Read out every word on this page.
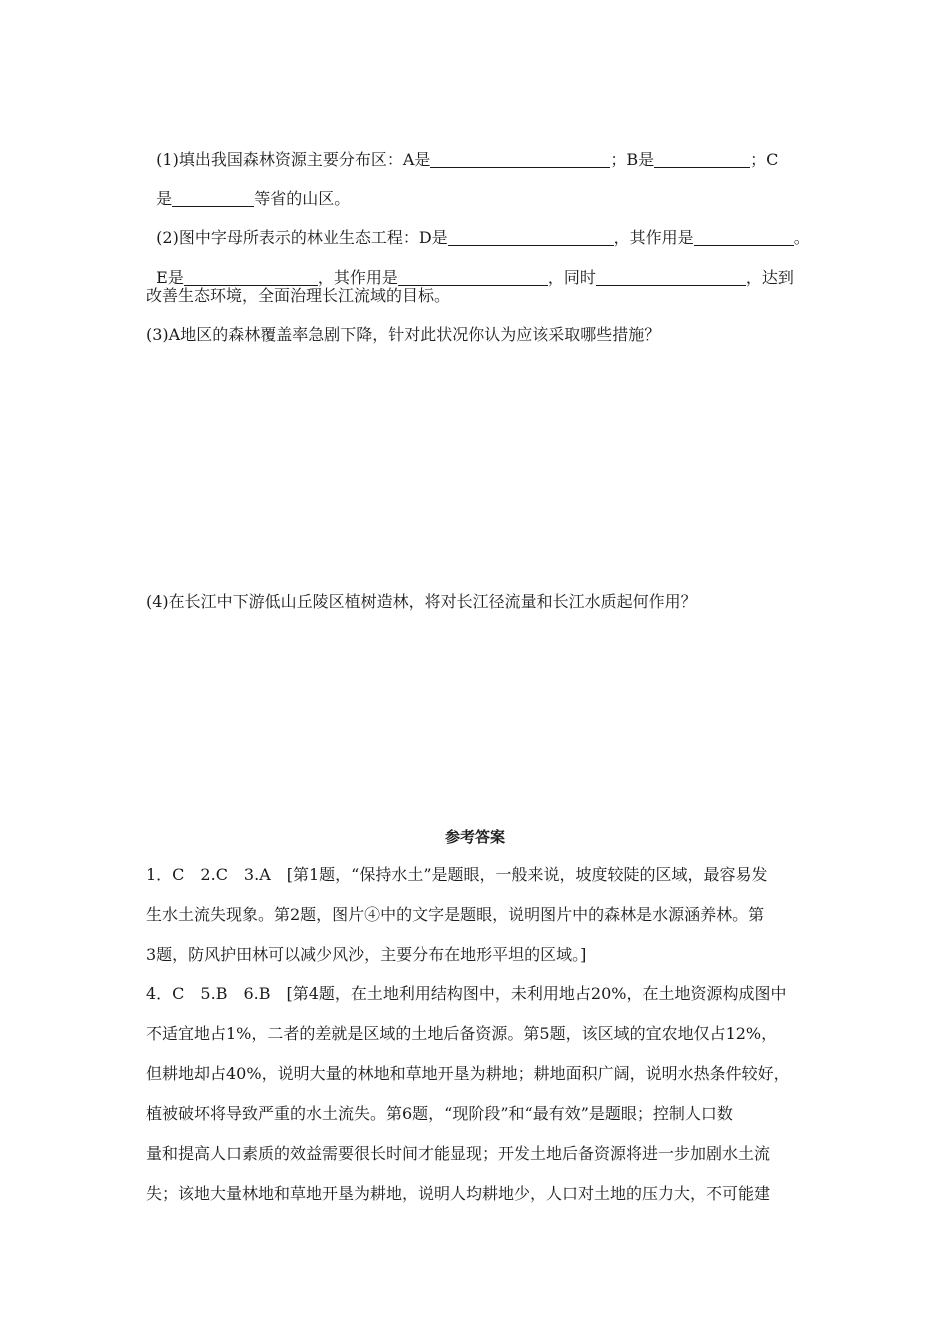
(1)填出我国森林资源主要分布区：A是	；B是	；C

是	等省的山区。

(2)图中字母所表示的林业生态工程：D是	，其作用是	。

E是	，其作用是	，同时	，达到

改善生态环境，全面治理长江流域的目标。
(3)A地区的森林覆盖率急剧下降，针对此状况你认为应该采取哪些措施？
(4)在长江中下游低山丘陵区植树造林，将对长江径流量和长江水质起何作用？
参考答案
1．C　2.C　3.A　[第1题，“保持水土”是题眼，一般来说，坡度较陡的区域，最容易发
生水土流失现象。第2题，图片④中的文字是题眼，说明图片中的森林是水源涵养林。第
3题，防风护田林可以减少风沙，主要分布在地形平坦的区域。]
4．C　5.B　6.B　[第4题，在土地利用结构图中，未利用地占20%，在土地资源构成图中
不适宜地占1%，二者的差就是区域的土地后备资源。第5题，该区域的宜农地仅占12%，
但耕地却占40%，说明大量的林地和草地开垦为耕地；耕地面积广阔，说明水热条件较好，
植被破坏将导致严重的水土流失。第6题，“现阶段”和“最有效”是题眼；控制人口数
量和提高人口素质的效益需要很长时间才能显现；开发土地后备资源将进一步加剧水土流
失；该地大量林地和草地开垦为耕地，说明人均耕地少，人口对土地的压力大，不可能建
